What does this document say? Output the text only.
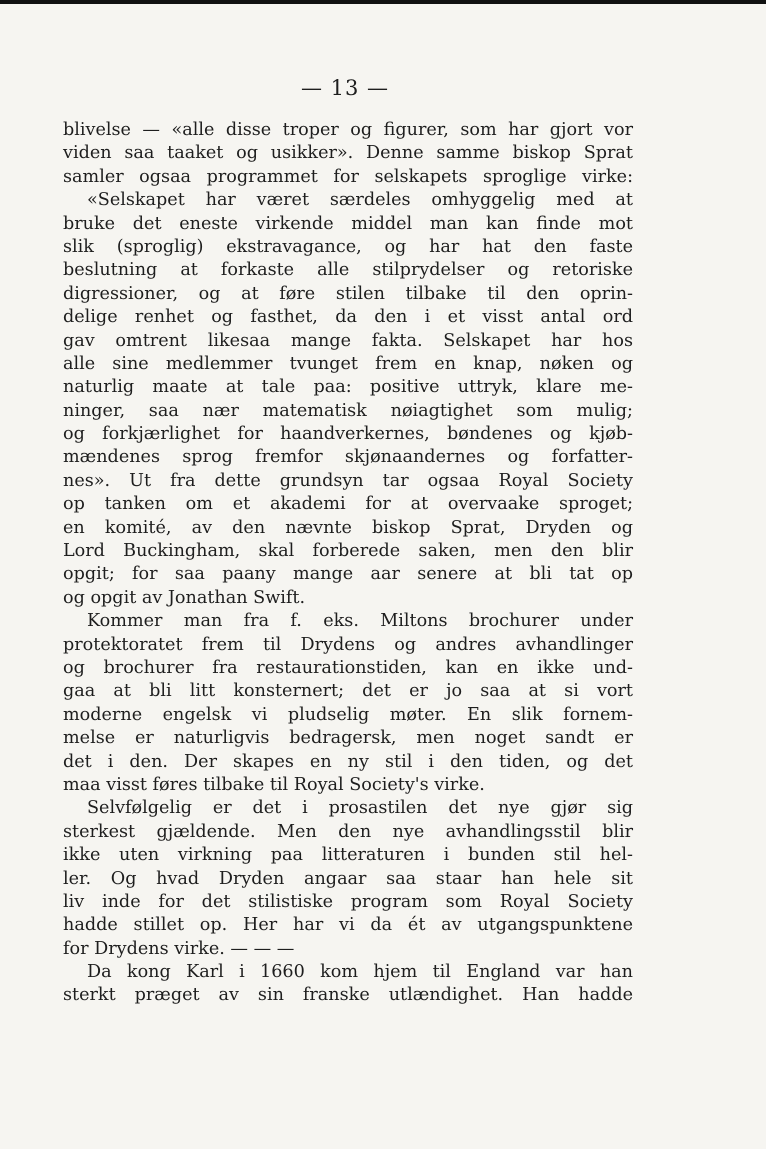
— 13 —
blivelse — «alle disse troper og figurer, som har gjort vor
viden saa taaket og usikker». Denne samme biskop Sprat
samler ogsaa programmet for selskapets sproglige virke:
«Selskapet har været særdeles omhyggelig med at
bruke det eneste virkende middel man kan finde mot
slik (sproglig) ekstravagance, og har hat den faste
beslutning at forkaste alle stilprydelser og retoriske
digressioner, og at føre stilen tilbake til den oprin-
delige renhet og fasthet, da den i et visst antal ord
gav omtrent likesaa mange fakta. Selskapet har hos
alle sine medlemmer tvunget frem en knap, nøken og
naturlig maate at tale paa: positive uttryk, klare me-
ninger, saa nær matematisk nøiagtighet som mulig;
og forkjærlighet for haandverkernes, bøndenes og kjøb-
mændenes sprog fremfor skjønaandernes og forfatter-
nes». Ut fra dette grundsyn tar ogsaa Royal Society
op tanken om et akademi for at overvaake sproget;
en komité, av den nævnte biskop Sprat, Dryden og
Lord Buckingham, skal forberede saken, men den blir
opgit; for saa paany mange aar senere at bli tat op
og opgit av Jonathan Swift.
Kommer man fra f. eks. Miltons brochurer under
protektoratet frem til Drydens og andres avhandlinger
og brochurer fra restaurationstiden, kan en ikke und-
gaa at bli litt konsternert; det er jo saa at si vort
moderne engelsk vi pludselig møter. En slik fornem-
melse er naturligvis bedragersk, men noget sandt er
det i den. Der skapes en ny stil i den tiden, og det
maa visst føres tilbake til Royal Society's virke.
Selvfølgelig er det i prosastilen det nye gjør sig
sterkest gjældende. Men den nye avhandlingsstil blir
ikke uten virkning paa litteraturen i bunden stil hel-
ler. Og hvad Dryden angaar saa staar han hele sit
liv inde for det stilistiske program som Royal Society
hadde stillet op. Her har vi da ét av utgangspunktene
for Drydens virke. — — —
Da kong Karl i 1660 kom hjem til England var han
sterkt præget av sin franske utlændighet. Han hadde
